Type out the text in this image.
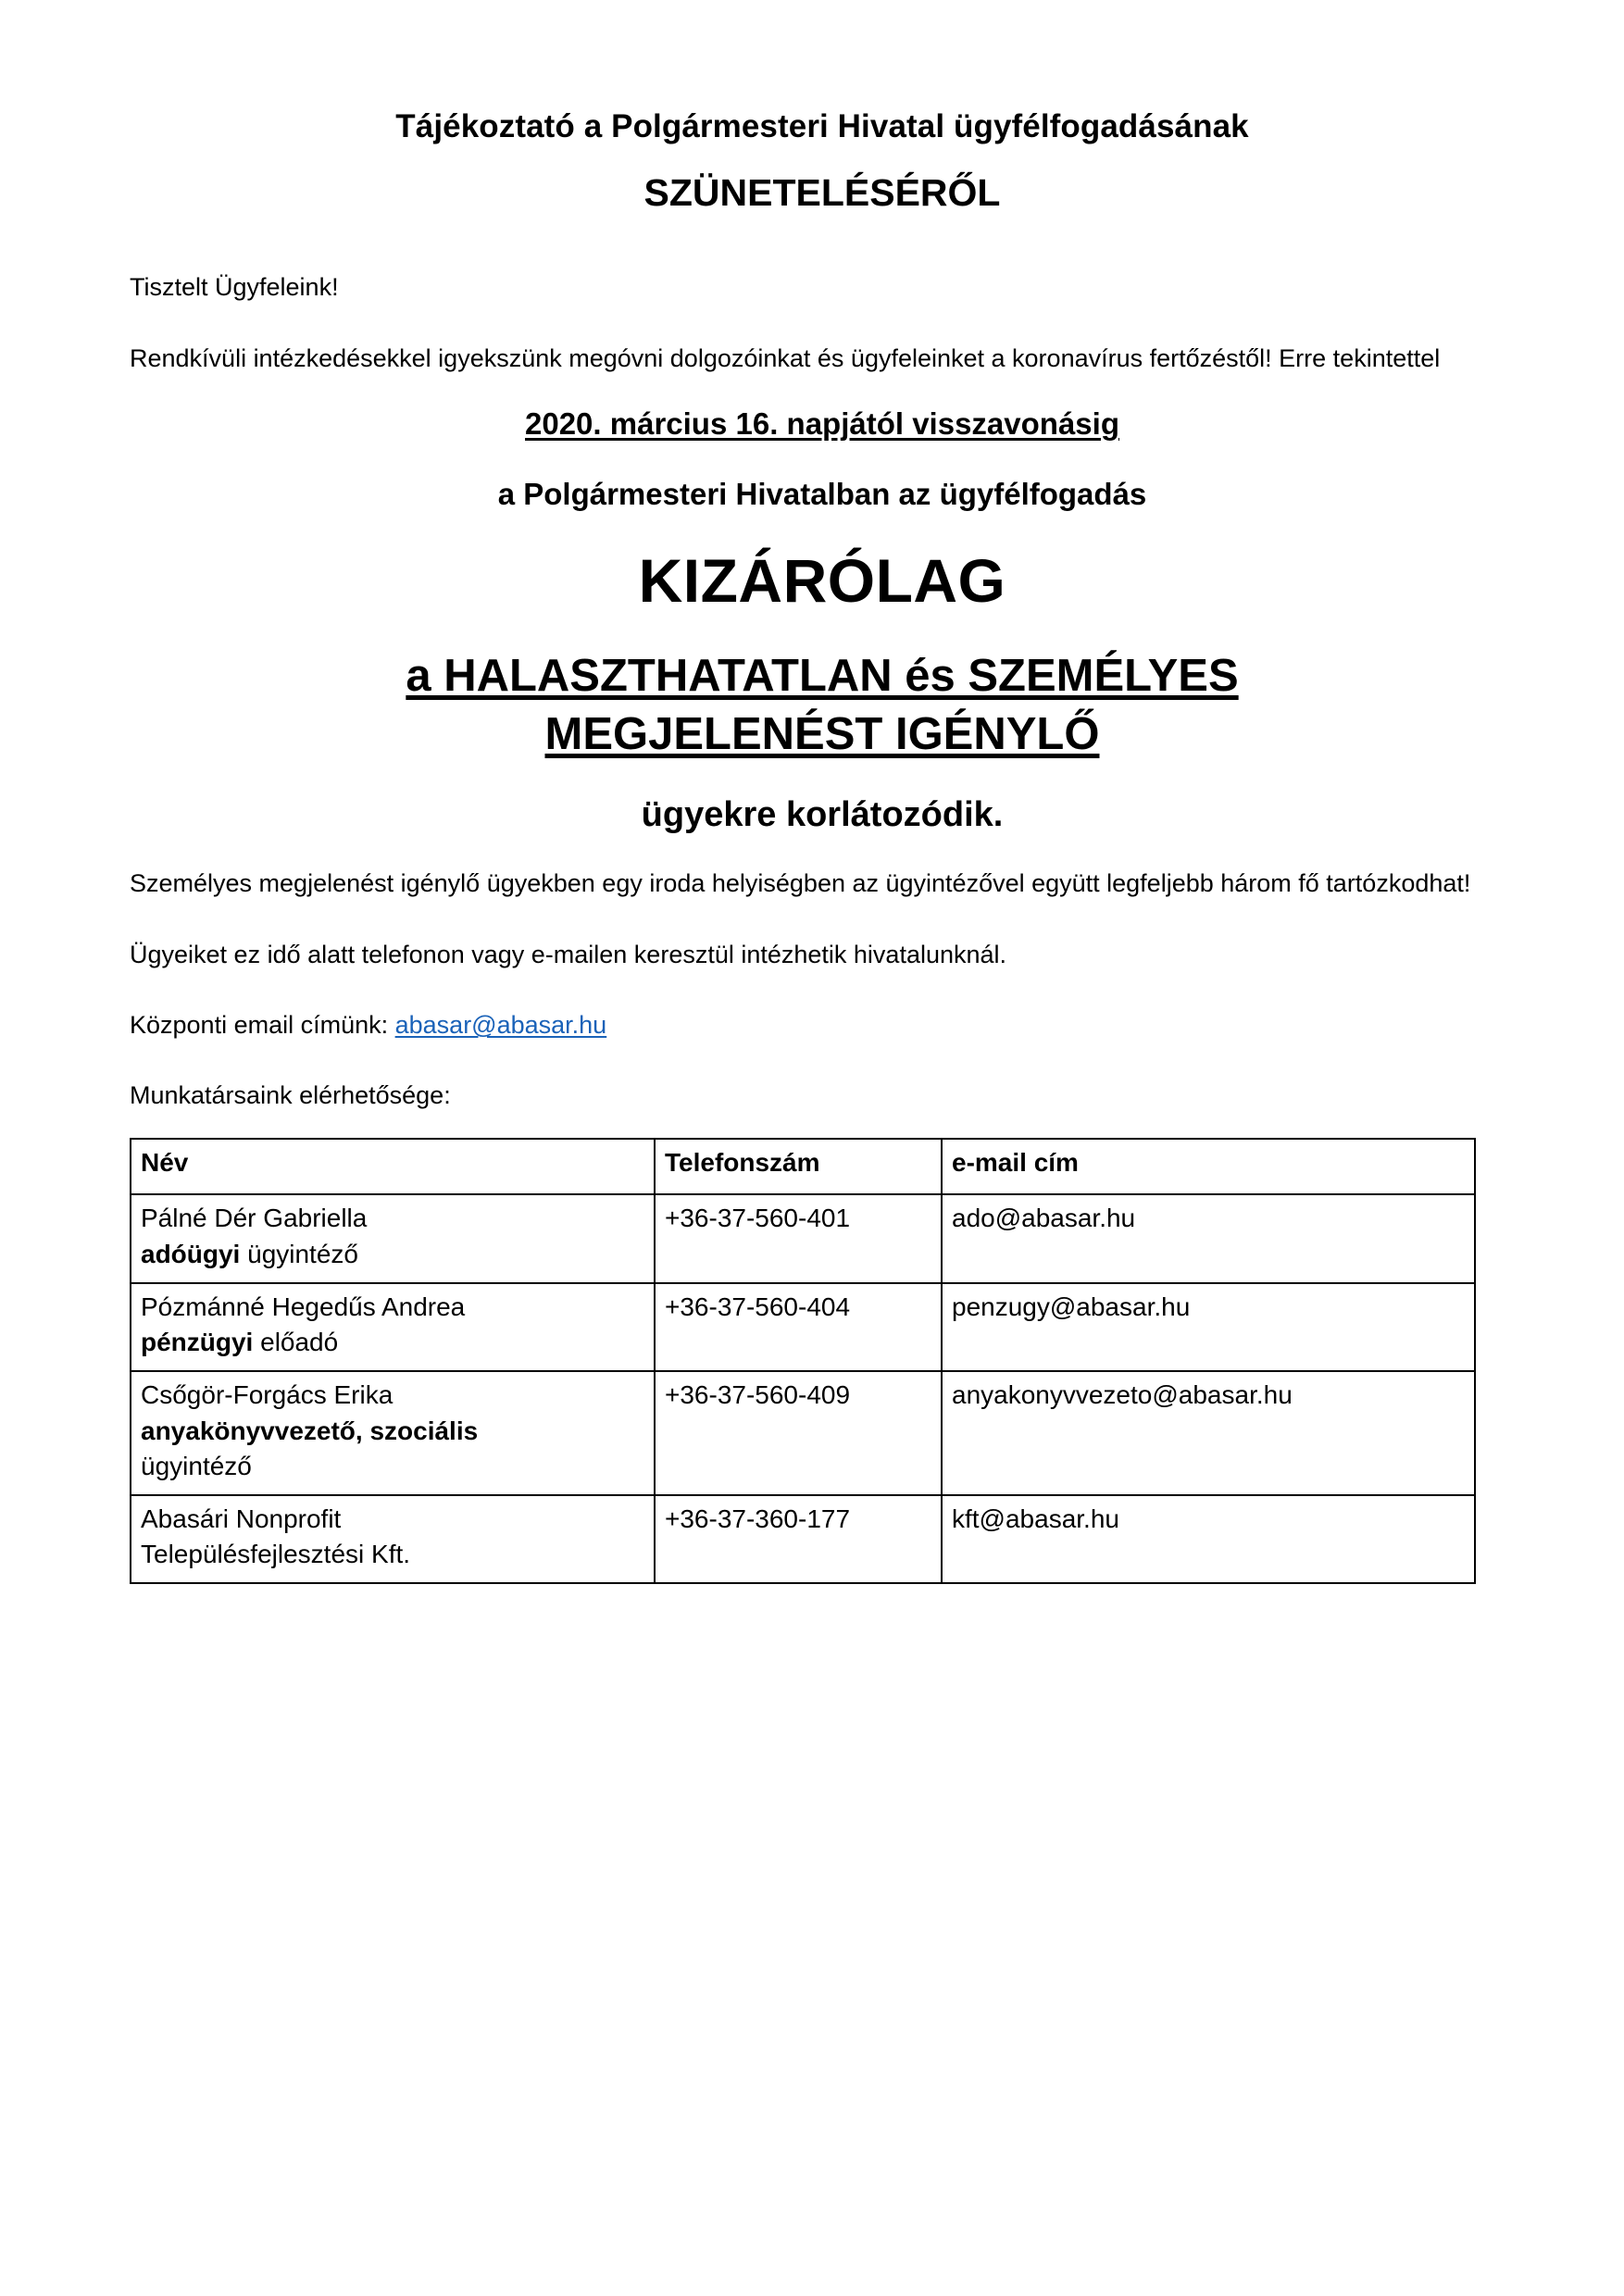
Tájékoztató a Polgármesteri Hivatal ügyfélfogadásának
SZÜNETELÉSÉRŐL

Tisztelt Ügyfeleink!

Rendkívüli intézkedésekkel igyekszünk megóvni dolgozóinkat és ügyfeleinket a koronavírus fertőzéstől! Erre tekintettel

2020. március 16. napjától visszavonásig

a Polgármesteri Hivatalban az ügyfélfogadás

KIZÁRÓLAG

a HALASZTHATATLAN és SZEMÉLYES

MEGJELENÉST IGÉNYLŐ

ügyekre korlátozódik.

Személyes megjelenést igénylő ügyekben egy iroda helyiségben az ügyintézővel együtt legfeljebb három fő tartózkodhat!

Ügyeiket ez idő alatt telefonon vagy e-mailen keresztül intézhetik hivatalunknál.

Központi email címünk: abasar@abasar.hu

Munkatársaink elérhetősége:

Név	Telefonszám	e-mail cím
Pálné Dér Gabriella
adóügyi ügyintéző	+36-37-560-401	ado@abasar.hu
Pózmánné Hegedűs Andrea
pénzügyi előadó	+36-37-560-404	penzugy@abasar.hu
Csőgör-Forgács Erika
anyakönyvvezető, szociális ügyintéző	+36-37-560-409	anyakonyvvezeto@abasar.hu
Abasári Nonprofit
Településfejlesztési Kft.	+36-37-360-177	kft@abasar.hu
